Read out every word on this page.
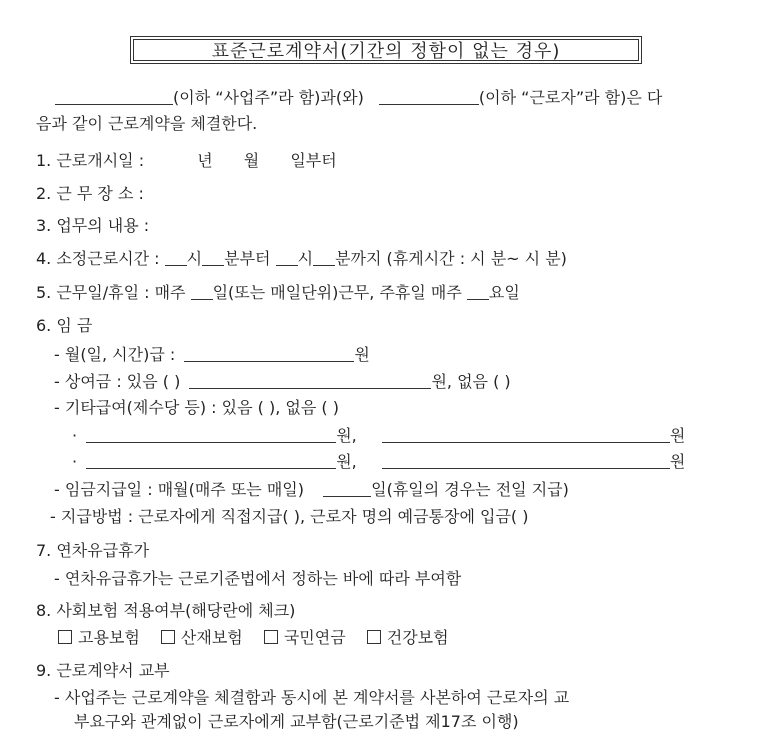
표준근로계약서(기간의 정함이 없는 경우)
(이하 “사업주”라 함)과(와)	(이하 “근로자”라 함)은 다
음과 같이 근로계약을 체결한다.
1. 근로개시일 :	년 월 일부터
2. 근 무 장 소 :
3. 업무의 내용 :
4. 소정근로시간 : 시 분부터 시 분까지 (휴게시간 : 시 분~ 시 분)
5. 근무일/휴일 : 매주 일(또는 매일단위)근무, 주휴일 매주 요일
6. 임 금
- 월(일, 시간)급 :	원
- 상여금 : 있음 ( )	원, 없음 ( )
- 기타급여(제수당 등) : 있음 ( ), 없음 ( )
·	원,	원
·	원,	원
- 임금지급일 : 매월(매주 또는 매일)	일(휴일의 경우는 전일 지급)
- 지급방법 : 근로자에게 직접지급( ), 근로자 명의 예금통장에 입금( )
7. 연차유급휴가
- 연차유급휴가는 근로기준법에서 정하는 바에 따라 부여함
8. 사회보험 적용여부(해당란에 체크)
고용보험	산재보험	국민연금	건강보험
9. 근로계약서 교부
- 사업주는 근로계약을 체결함과 동시에 본 계약서를 사본하여 근로자의 교
부요구와 관계없이 근로자에게 교부함(근로기준법 제17조 이행)
